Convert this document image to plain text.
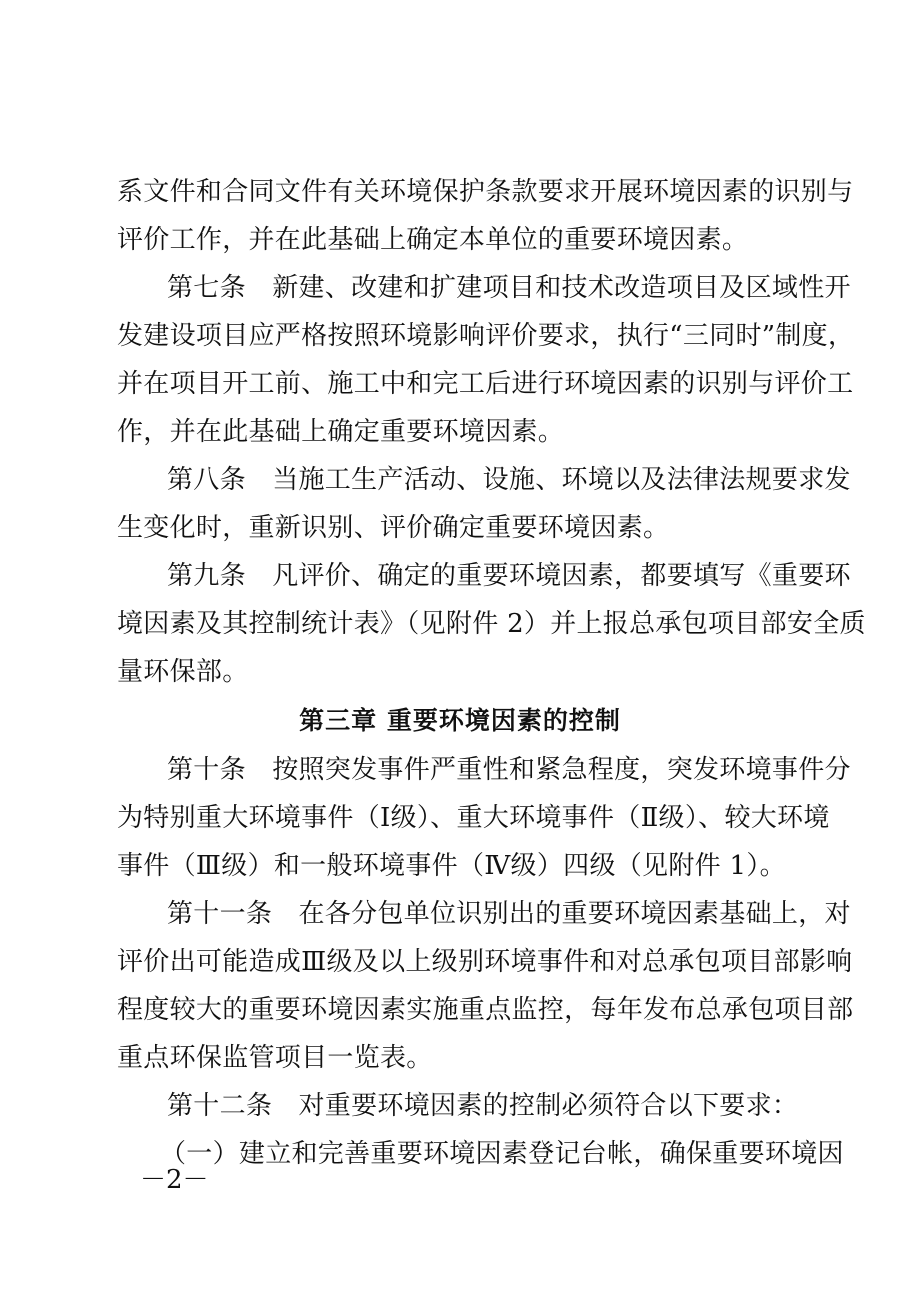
系文件和合同文件有关环境保护条款要求开展环境因素的识别与
评价工作，并在此基础上确定本单位的重要环境因素。
第七条　新建、改建和扩建项目和技术改造项目及区域性开
发建设项目应严格按照环境影响评价要求，执行“三同时”制度，
并在项目开工前、施工中和完工后进行环境因素的识别与评价工
作，并在此基础上确定重要环境因素。
第八条　当施工生产活动、设施、环境以及法律法规要求发
生变化时，重新识别、评价确定重要环境因素。
第九条　凡评价、确定的重要环境因素，都要填写《重要环
境因素及其控制统计表》（见附件 2）并上报总承包项目部安全质
量环保部。
第三章 重要环境因素的控制
第十条　按照突发事件严重性和紧急程度，突发环境事件分
为特别重大环境事件（Ⅰ级）、重大环境事件（Ⅱ级）、较大环境
事件（Ⅲ级）和一般环境事件（Ⅳ级）四级（见附件 1）。
第十一条　在各分包单位识别出的重要环境因素基础上，对
评价出可能造成Ⅲ级及以上级别环境事件和对总承包项目部影响
程度较大的重要环境因素实施重点监控，每年发布总承包项目部
重点环保监管项目一览表。
第十二条　对重要环境因素的控制必须符合以下要求：
（一）建立和完善重要环境因素登记台帐，确保重要环境因
－2－
